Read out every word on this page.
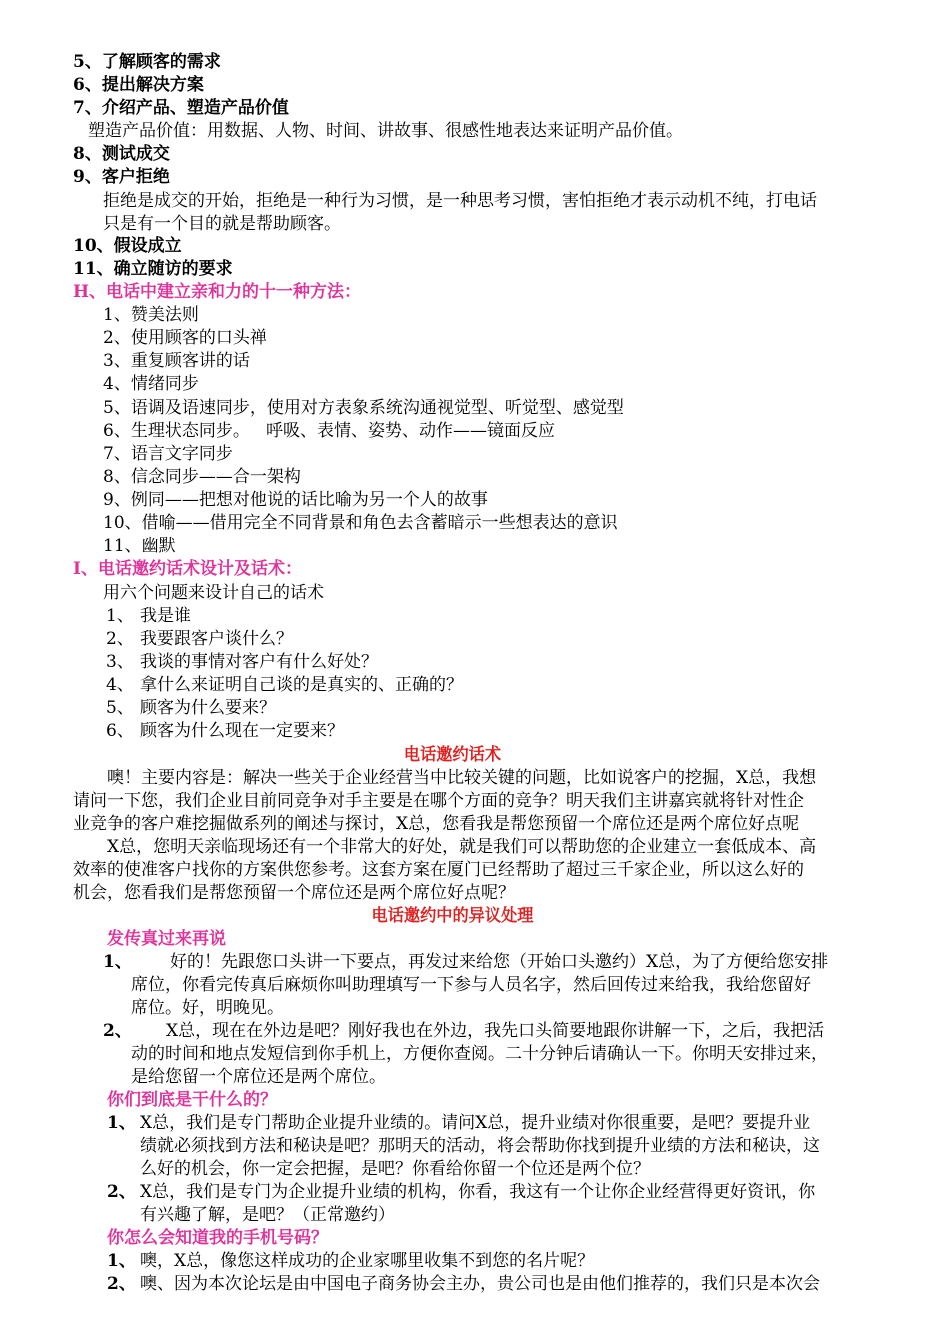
5、了解顾客的需求
6、提出解决方案
7、介绍产品、塑造产品价值
塑造产品价值：用数据、人物、时间、讲故事、很感性地表达来证明产品价值。
8、测试成交
9、客户拒绝
拒绝是成交的开始，拒绝是一种行为习惯，是一种思考习惯，害怕拒绝才表示动机不纯，打电话
只是有一个目的就是帮助顾客。
10、假设成立
11、确立随访的要求
H、电话中建立亲和力的十一种方法：
1、赞美法则
2、使用顾客的口头禅
3、重复顾客讲的话
4、情绪同步
5、语调及语速同步，使用对方表象系统沟通视觉型、听觉型、感觉型
6、生理状态同步。   呼吸、表情、姿势、动作——镜面反应
7、语言文字同步
8、信念同步——合一架构
9、例同——把想对他说的话比喻为另一个人的故事
10、借喻——借用完全不同背景和角色去含蓄暗示一些想表达的意识
11、幽默
I、电话邀约话术设计及话术：
用六个问题来设计自己的话术
1、 我是谁
2、 我要跟客户谈什么？
3、 我谈的事情对客户有什么好处？
4、 拿什么来证明自己谈的是真实的、正确的？
5、 顾客为什么要来？
6、 顾客为什么现在一定要来？
电话邀约话术
噢！主要内容是：解决一些关于企业经营当中比较关键的问题，比如说客户的挖掘，X总，我想
请问一下您，我们企业目前同竞争对手主要是在哪个方面的竞争？明天我们主讲嘉宾就将针对性企
业竞争的客户难挖掘做系列的阐述与探讨，X总，您看我是帮您预留一个席位还是两个席位好点呢
X总，您明天亲临现场还有一个非常大的好处，就是我们可以帮助您的企业建立一套低成本、高
效率的使准客户找你的方案供您参考。这套方案在厦门已经帮助了超过三千家企业，所以这么好的
机会，您看我们是帮您预留一个席位还是两个席位好点呢？
电话邀约中的异议处理
发传真过来再说
1、 好的！先跟您口头讲一下要点，再发过来给您（开始口头邀约）X总，为了方便给您安排
席位，你看完传真后麻烦你叫助理填写一下参与人员名字，然后回传过来给我，我给您留好
席位。好，明晚见。
2、 X总，现在在外边是吧？刚好我也在外边，我先口头简要地跟你讲解一下，之后，我把活
动的时间和地点发短信到你手机上，方便你查阅。二十分钟后请确认一下。你明天安排过来，
是给您留一个席位还是两个席位。
你们到底是干什么的？
1、 X总，我们是专门帮助企业提升业绩的。请问X总，提升业绩对你很重要，是吧？要提升业
绩就必须找到方法和秘诀是吧？那明天的活动，将会帮助你找到提升业绩的方法和秘诀，这
么好的机会，你一定会把握，是吧？你看给你留一个位还是两个位？
2、 X总，我们是专门为企业提升业绩的机构，你看，我这有一个让你企业经营得更好资讯，你
有兴趣了解，是吧？（正常邀约）
你怎么会知道我的手机号码？
1、 噢，X总，像您这样成功的企业家哪里收集不到您的名片呢？
2、 噢、因为本次论坛是由中国电子商务协会主办，贵公司也是由他们推荐的，我们只是本次会
